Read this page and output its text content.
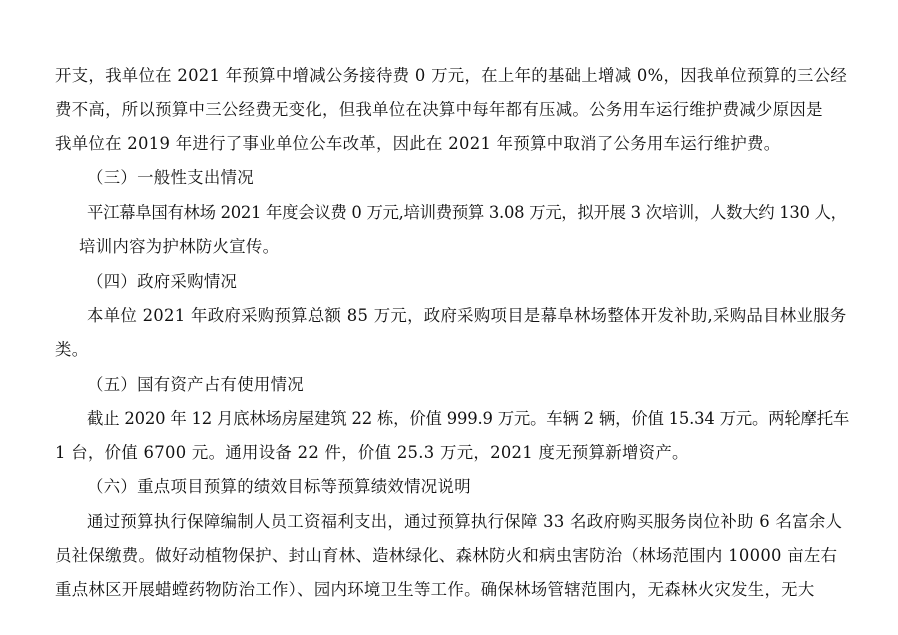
开支，我单位在 2021 年预算中增减公务接待费 0 万元，在上年的基础上增减 0%，因我单位预算的三公经
费不高，所以预算中三公经费无变化，但我单位在决算中每年都有压减。公务用车运行维护费减少原因是
我单位在 2019 年进行了事业单位公车改革，因此在 2021 年预算中取消了公务用车运行维护费。
（三）一般性支出情况
平江幕阜国有林场 2021 年度会议费 0 万元,培训费预算 3.08 万元，拟开展 3 次培训，人数大约 130 人，
培训内容为护林防火宣传。
（四）政府采购情况
本单位 2021 年政府采购预算总额 85 万元，政府采购项目是幕阜林场整体开发补助,采购品目林业服务
类。
（五）国有资产占有使用情况
截止 2020 年 12 月底林场房屋建筑 22 栋，价值 999.9 万元。车辆 2 辆，价值 15.34 万元。两轮摩托车
1 台，价值 6700 元。通用设备 22 件，价值 25.3 万元，2021 度无预算新增资产。
（六）重点项目预算的绩效目标等预算绩效情况说明
通过预算执行保障编制人员工资福利支出，通过预算执行保障 33 名政府购买服务岗位补助 6 名富余人
员社保缴费。做好动植物保护、封山育林、造林绿化、森林防火和病虫害防治（林场范围内 10000 亩左右
重点林区开展蜡螳药物防治工作）、园内环境卫生等工作。确保林场管辖范围内，无森林火灾发生，无大
